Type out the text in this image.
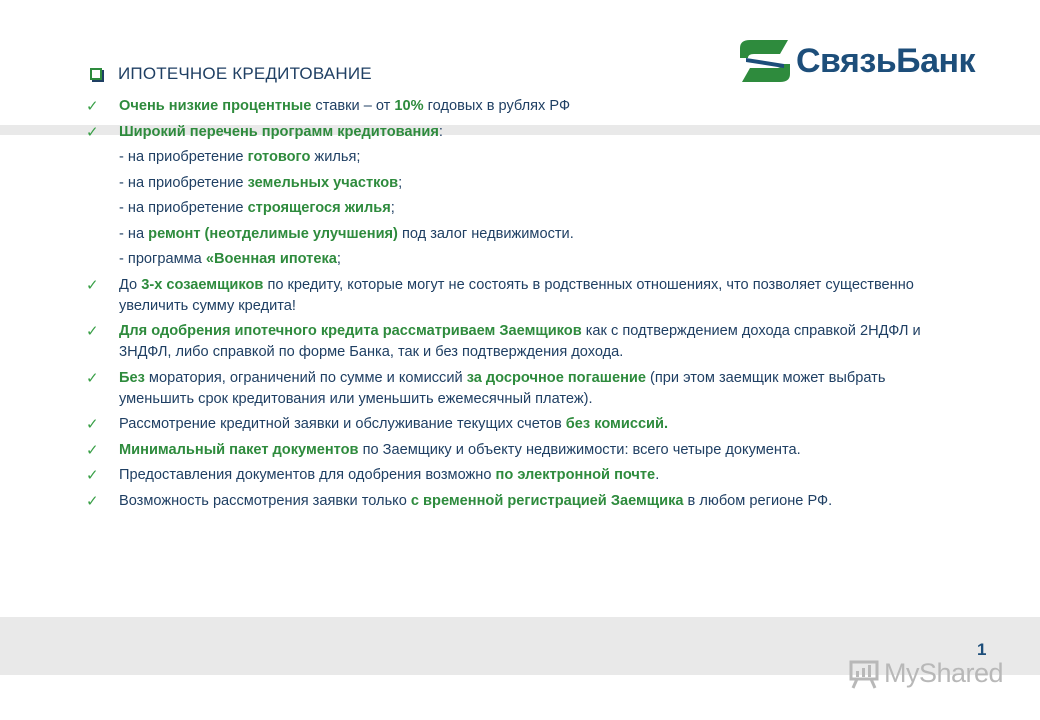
СвязьБанк
ИПОТЕЧНОЕ КРЕДИТОВАНИЕ
✓ Очень низкие процентные ставки – от 10% годовых в рублях РФ
✓ Широкий перечень программ кредитования:
- на приобретение готового жилья;
- на приобретение земельных участков;
- на приобретение строящегося жилья;
- на ремонт (неотделимые улучшения) под залог недвижимости.
- программа «Военная ипотека;
✓ До 3-х созаемщиков по кредиту, которые могут не состоять в родственных отношениях, что позволяет существенно увеличить сумму кредита!
✓ Для одобрения ипотечного кредита рассматриваем Заемщиков как с подтверждением дохода справкой 2НДФЛ и 3НДФЛ, либо справкой по форме Банка, так и без подтверждения дохода.
✓ Без моратория, ограничений по сумме и комиссий за досрочное погашение (при этом заемщик может выбрать уменьшить срок кредитования или уменьшить ежемесячный платеж).
✓ Рассмотрение кредитной заявки и обслуживание текущих счетов без комиссий.
✓ Минимальный пакет документов по Заемщику и объекту недвижимости: всего четыре документа.
✓ Предоставления документов для одобрения возможно по электронной почте.
✓ Возможность рассмотрения заявки только с временной регистрацией Заемщика в любом регионе РФ.
1
MyShared
